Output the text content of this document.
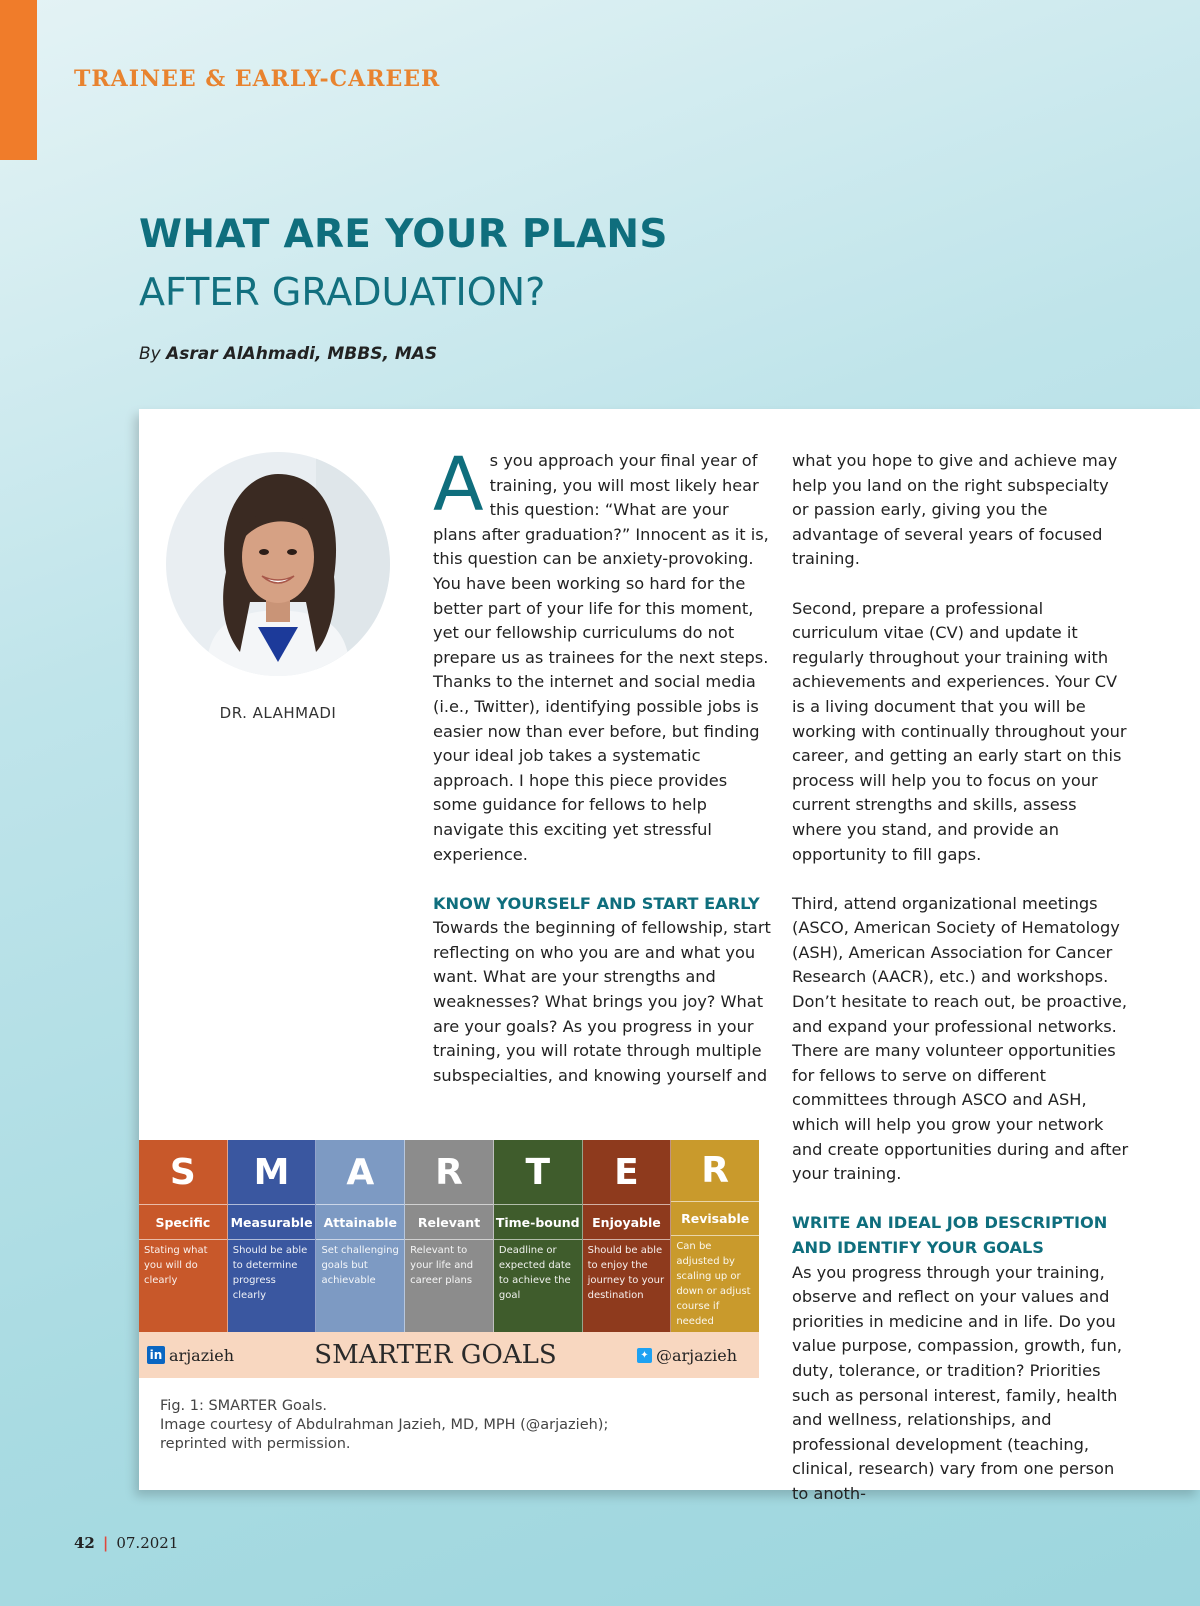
TRAINEE & EARLY-CAREER
WHAT ARE YOUR PLANS
AFTER GRADUATION?
By Asrar AlAhmadi, MBBS, MAS
DR. ALAHMADI

As you approach your final year of training, you will most likely hear this question: “What are your plans after graduation?” Innocent as it is, this question can be anxiety-provoking. You have been working so hard for the better part of your life for this moment, yet our fellowship curriculums do not prepare us as trainees for the next steps. Thanks to the internet and social media (i.e., Twitter), identifying possible jobs is easier now than ever before, but finding your ideal job takes a systematic approach. I hope this piece provides some guidance for fellows to help navigate this exciting yet stressful experience.

KNOW YOURSELF AND START EARLY

Towards the beginning of fellowship, start reflecting on who you are and what you want. What are your strengths and weaknesses? What brings you joy? What are your goals? As you progress in your training, you will rotate through multiple subspecialties, and knowing yourself and

what you hope to give and achieve may help you land on the right subspecialty or passion early, giving you the advantage of several years of focused training.

Second, prepare a professional curriculum vitae (CV) and update it regularly throughout your training with achievements and experiences. Your CV is a living document that you will be working with continually throughout your career, and getting an early start on this process will help you to focus on your current strengths and skills, assess where you stand, and provide an opportunity to fill gaps.

Third, attend organizational meetings (ASCO, American Society of Hematology (ASH), American Association for Cancer Research (AACR), etc.) and workshops. Don’t hesitate to reach out, be proactive, and expand your professional networks. There are many volunteer opportunities for fellows to serve on different committees through ASCO and ASH, which will help you grow your network and create opportunities during and after your training.

WRITE AN IDEAL JOB DESCRIPTION AND IDENTIFY YOUR GOALS

As you progress through your training, observe and reflect on your values and priorities in medicine and in life. Do you value purpose, compassion, growth, fun, duty, tolerance, or tradition? Priorities such as personal interest, family, health and wellness, relationships, and professional development (teaching, clinical, research) vary from one person to anoth-

S
Specific
Stating what you will do clearly
M
Measurable
Should be able to determine progress clearly
A
Attainable
Set challenging goals but achievable
R
Relevant
Relevant to your life and career plans
T
Time-bound
Deadline or expected date to achieve the goal
E
Enjoyable
Should be able to enjoy the journey to your destination
R
Revisable
Can be adjusted by scaling up or down or adjust course if needed
in arjazieh	SMARTER GOALS	✦ @arjazieh
Fig. 1: SMARTER Goals.
Image courtesy of Abdulrahman Jazieh, MD, MPH (@arjazieh);
reprinted with permission.
42 | 07.2021
